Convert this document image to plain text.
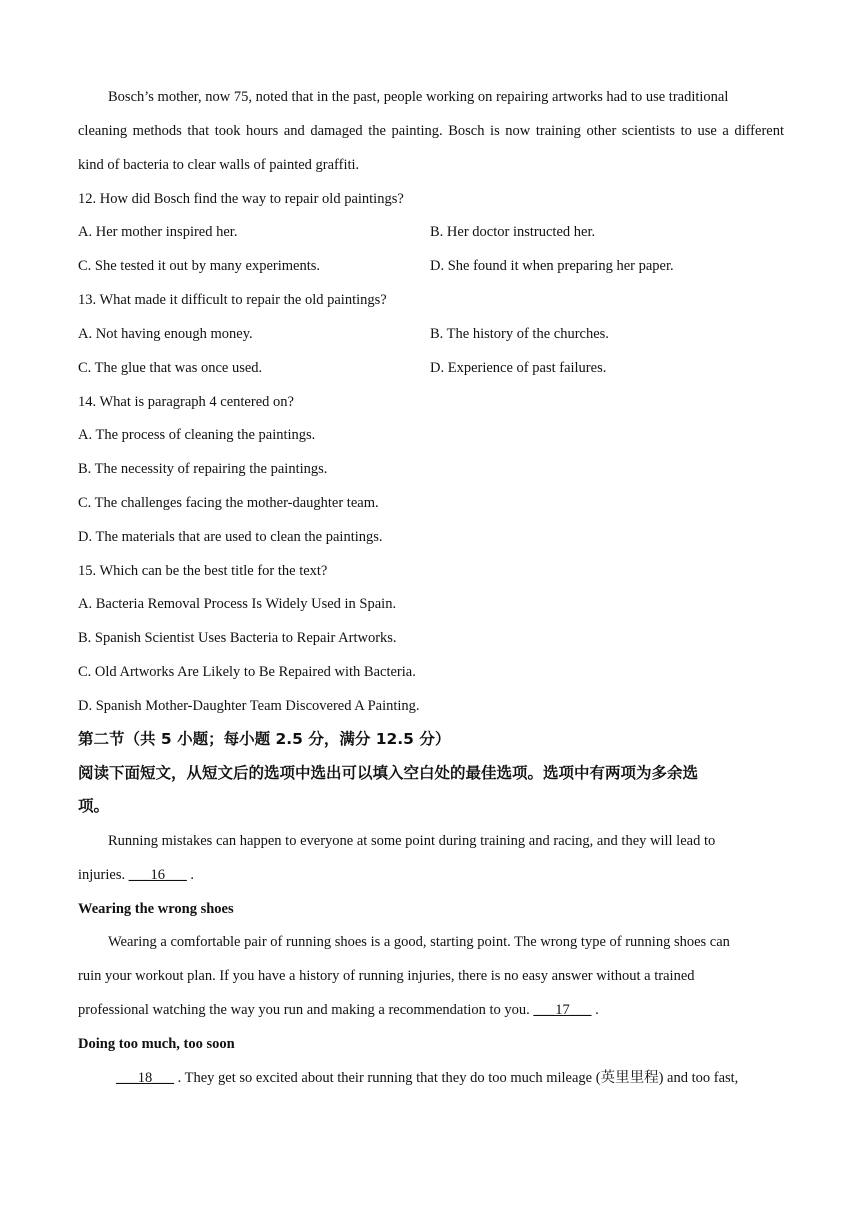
Bosch’s mother, now 75, noted that in the past, people working on repairing artworks had to use traditional
cleaning methods that took hours and damaged the painting. Bosch is now training other scientists to use a different
kind of bacteria to clear walls of painted graffiti.
12. How did Bosch find the way to repair old paintings?
A. Her mother inspired her.	B. Her doctor instructed her.
C. She tested it out by many experiments.	D. She found it when preparing her paper.
13. What made it difficult to repair the old paintings?
A. Not having enough money.	B. The history of the churches.
C. The glue that was once used.	D. Experience of past failures.
14. What is paragraph 4 centered on?
A. The process of cleaning the paintings.
B. The necessity of repairing the paintings.
C. The challenges facing the mother-daughter team.
D. The materials that are used to clean the paintings.
15. Which can be the best title for the text?
A. Bacteria Removal Process Is Widely Used in Spain.
B. Spanish Scientist Uses Bacteria to Repair Artworks.
C. Old Artworks Are Likely to Be Repaired with Bacteria.
D. Spanish Mother-Daughter Team Discovered A Painting.
第二节（共 5 小题；每小题 2.5 分，满分 12.5 分）
阅读下面短文，从短文后的选项中选出可以填入空白处的最佳选项。选项中有两项为多余选
项。
Running mistakes can happen to everyone at some point during training and racing, and they will lead to
injuries. ___16___ .
Wearing the wrong shoes
Wearing a comfortable pair of running shoes is a good, starting point. The wrong type of running shoes can
ruin your workout plan. If you have a history of running injuries, there is no easy answer without a trained
professional watching the way you run and making a recommendation to you. ___17___ .
Doing too much, too soon
___18___ . They get so excited about their running that they do too much mileage (英里里程) and too fast,
